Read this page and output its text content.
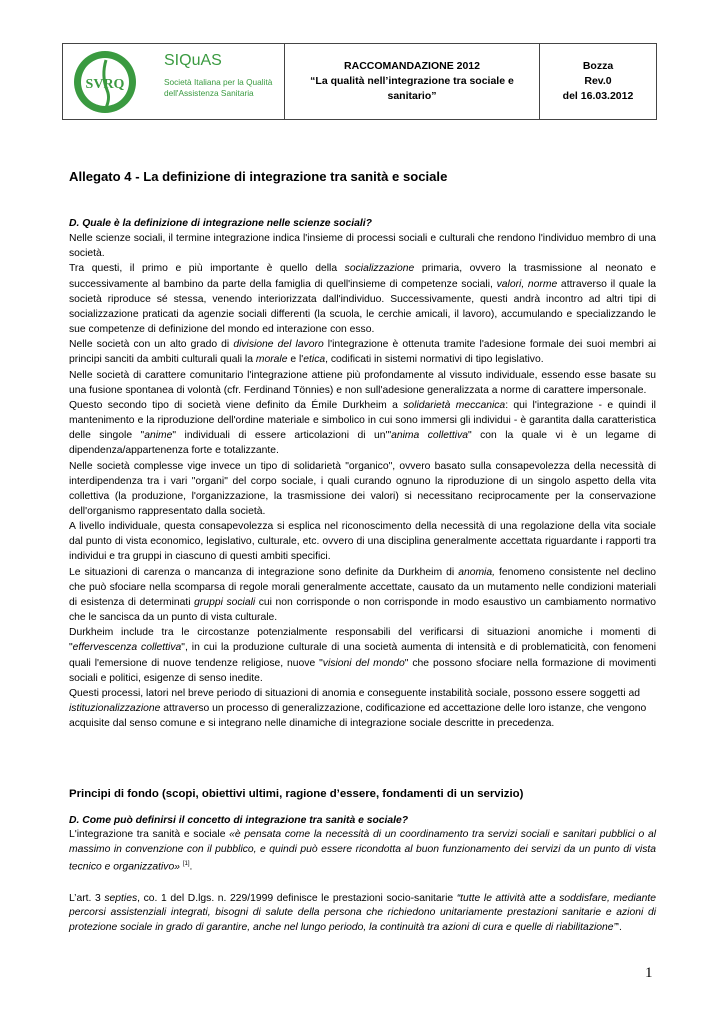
SVRQ
SIQuAS
Società Italiana per la Qualità
dell'Assistenza Sanitaria

RACCOMANDAZIONE 2012
“La qualità nell’integrazione tra sociale e
sanitario”

Bozza
Rev.0
del 16.03.2012
Allegato 4 - La definizione di integrazione tra sanità e sociale

D. Quale è la definizione di integrazione nelle scienze sociali?

Nelle scienze sociali, il termine integrazione indica l'insieme di processi sociali e culturali che rendono l'individuo membro di una società.

Tra questi, il primo e più importante è quello della socializzazione primaria, ovvero la trasmissione al neonato e successivamente al bambino da parte della famiglia di quell'insieme di competenze sociali, valori, norme attraverso il quale la società riproduce sé stessa, venendo interiorizzata dall'individuo. Successivamente, questi andrà incontro ad altri tipi di socializzazione praticati da agenzie sociali differenti (la scuola, le cerchie amicali, il lavoro), accumulando e specializzando le sue competenze di definizione del mondo ed interazione con esso.

Nelle società con un alto grado di divisione del lavoro l'integrazione è ottenuta tramite l'adesione formale dei suoi membri ai principi sanciti da ambiti culturali quali la morale e l'etica, codificati in sistemi normativi di tipo legislativo.

Nelle società di carattere comunitario l'integrazione attiene più profondamente al vissuto individuale, essendo esse basate su una fusione spontanea di volontà (cfr. Ferdinand Tönnies) e non sull'adesione generalizzata a norme di carattere impersonale.

Questo secondo tipo di società viene definito da Émile Durkheim a solidarietà meccanica: qui l'integrazione - e quindi il mantenimento e la riproduzione dell'ordine materiale e simbolico in cui sono immersi gli individui - è garantita dalla caratteristica delle singole "anime" individuali di essere articolazioni di un'"anima collettiva" con la quale vi è un legame di dipendenza/appartenenza forte e totalizzante.

Nelle società complesse vige invece un tipo di solidarietà "organico", ovvero basato sulla consapevolezza della necessità di interdipendenza tra i vari "organi" del corpo sociale, i quali curando ognuno la riproduzione di un singolo aspetto della vita collettiva (la produzione, l'organizzazione, la trasmissione dei valori) si necessitano reciprocamente per la conservazione dell'organismo rappresentato dalla società.

A livello individuale, questa consapevolezza si esplica nel riconoscimento della necessità di una regolazione della vita sociale dal punto di vista economico, legislativo, culturale, etc. ovvero di una disciplina generalmente accettata riguardante i rapporti tra individui e tra gruppi in ciascuno di questi ambiti specifici.

Le situazioni di carenza o mancanza di integrazione sono definite da Durkheim di anomia, fenomeno consistente nel declino che può sfociare nella scomparsa di regole morali generalmente accettate, causato da un mutamento nelle condizioni materiali di esistenza di determinati gruppi sociali cui non corrisponde o non corrisponde in modo esaustivo un cambiamento normativo che le sancisca da un punto di vista culturale.

Durkheim include tra le circostanze potenzialmente responsabili del verificarsi di situazioni anomiche i momenti di "effervescenza collettiva", in cui la produzione culturale di una società aumenta di intensità e di problematicità, con fenomeni quali l'emersione di nuove tendenze religiose, nuove "visioni del mondo" che possono sfociare nella formazione di movimenti sociali e politici, esigenze di senso inedite.

Questi processi, latori nel breve periodo di situazioni di anomia e conseguente instabilità sociale, possono essere soggetti ad istituzionalizzazione attraverso un processo di generalizzazione, codificazione ed accettazione delle loro istanze, che vengono acquisite dal senso comune e si integrano nelle dinamiche di integrazione sociale descritte in precedenza.

Principi di fondo (scopi, obiettivi ultimi, ragione d’essere, fondamenti di un servizio)

D. Come può definirsi il concetto di integrazione tra sanità e sociale?

L'integrazione tra sanità e sociale «è pensata come la necessità di un coordinamento tra servizi sociali e sanitari pubblici o al massimo in convenzione con il pubblico, e quindi può essere ricondotta al buon funzionamento dei servizi da un punto di vista tecnico e organizzativo» [1].

L’art. 3 septies, co. 1 del D.lgs. n. 229/1999 definisce le prestazioni socio-sanitarie “tutte le attività atte a soddisfare, mediante percorsi assistenziali integrati, bisogni di salute della persona che richiedono unitariamente prestazioni sanitarie e azioni di protezione sociale in grado di garantire, anche nel lungo periodo, la continuità tra azioni di cura e quelle di riabilitazione”'.

1
